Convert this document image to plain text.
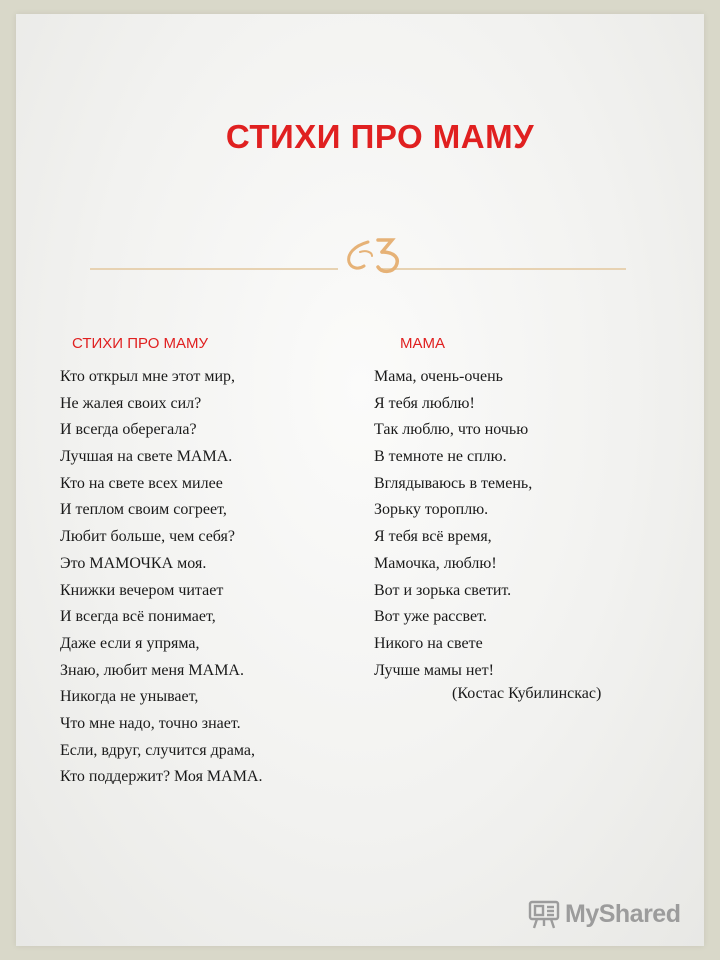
СТИХИ ПРО МАМУ
СТИХИ ПРО МАМУ	МАМА
Кто открыл мне этот мир,
Не жалея своих сил?
И всегда оберегала?
Лучшая на свете МАМА.
Кто на свете всех милее
И теплом своим согреет,
Любит больше, чем себя?
Это МАМОЧКА моя.
Книжки вечером читает
И всегда всё понимает,
Даже если я упряма,
Знаю, любит меня МАМА.
Никогда не унывает,
Что мне надо, точно знает.
Если, вдруг, случится драма,
Кто поддержит? Моя МАМА.
Мама, очень-очень
Я тебя люблю!
Так люблю, что ночью
В темноте не сплю.
Вглядываюсь в темень,
Зорьку тороплю.
Я тебя всё время,
Мамочка, люблю!
Вот и зорька светит.
Вот уже рассвет.
Никого на свете
Лучше мамы нет!
(Костас Кубилинскас)
MyShared
